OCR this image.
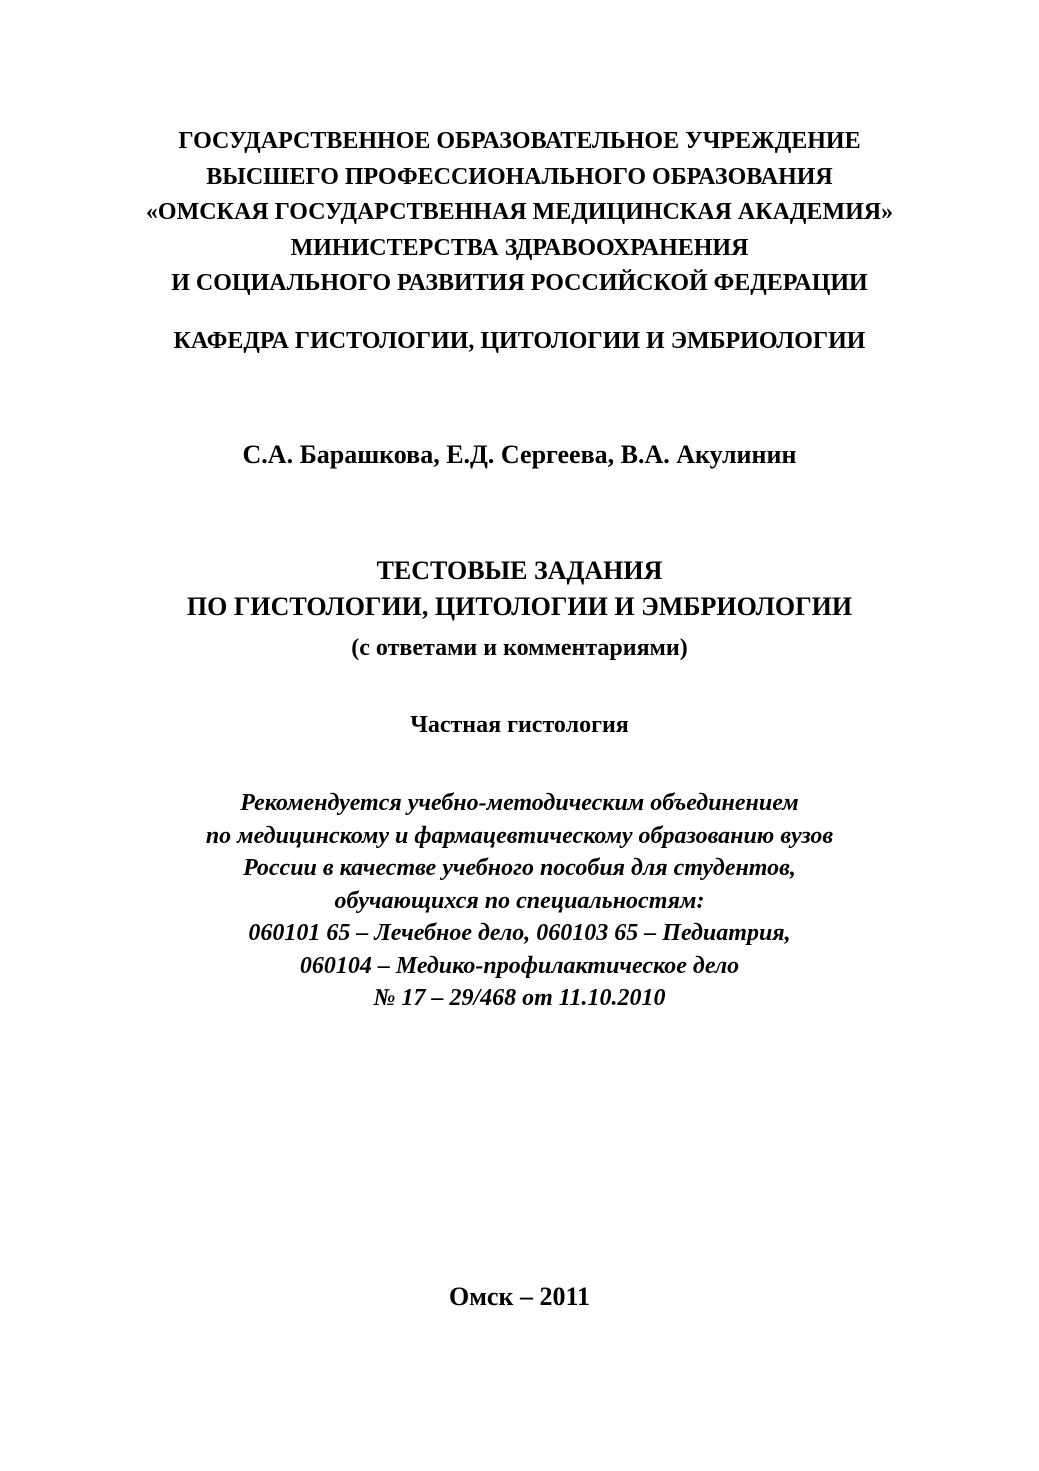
ГОСУДАРСТВЕННОЕ ОБРАЗОВАТЕЛЬНОЕ УЧРЕЖДЕНИЕ
ВЫСШЕГО ПРОФЕССИОНАЛЬНОГО ОБРАЗОВАНИЯ
«ОМСКАЯ ГОСУДАРСТВЕННАЯ МЕДИЦИНСКАЯ АКАДЕМИЯ»
МИНИСТЕРСТВА ЗДРАВООХРАНЕНИЯ
И СОЦИАЛЬНОГО РАЗВИТИЯ РОССИЙСКОЙ ФЕДЕРАЦИИ
КАФЕДРА ГИСТОЛОГИИ, ЦИТОЛОГИИ И ЭМБРИОЛОГИИ
С.А. Барашкова, Е.Д. Сергеева, В.А. Акулинин
ТЕСТОВЫЕ ЗАДАНИЯ
ПО ГИСТОЛОГИИ, ЦИТОЛОГИИ И ЭМБРИОЛОГИИ
(с ответами и комментариями)
Частная гистология
Рекомендуется учебно-методическим объединением
по медицинскому и фармацевтическому образованию вузов
России в качестве учебного пособия для студентов,
обучающихся по специальностям:
060101 65 – Лечебное дело, 060103 65 – Педиатрия,
060104 – Медико-профилактическое дело
№ 17 – 29/468 от 11.10.2010
Омск – 2011
